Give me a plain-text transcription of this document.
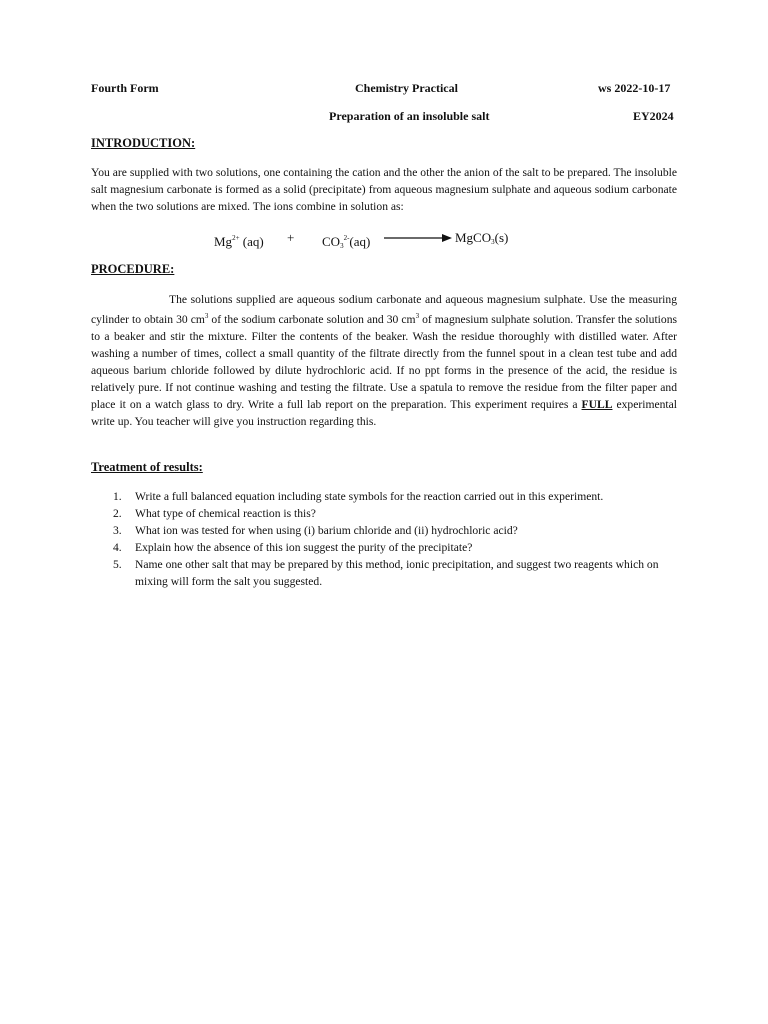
Fourth Form	Chemistry Practical	ws 2022-10-17
Preparation of an insoluble salt	EY2024
INTRODUCTION:
You are supplied with two solutions, one containing the cation and the other the anion of the salt to be prepared. The insoluble salt magnesium carbonate is formed as a solid (precipitate) from aqueous magnesium sulphate and aqueous sodium carbonate when the two solutions are mixed. The ions combine in solution as:
$Mg^{2+}$ $(aq) + CO_3^{2-}(aq)$	MgCO$_3$(s)
PROCEDURE:
The solutions supplied are aqueous sodium carbonate and aqueous magnesium sulphate. Use the measuring cylinder to obtain 30 $cm^3$ of the sodium carbonate solution and 30 $cm^3$ of magnesium sulphate solution. Transfer the solutions to a beaker and stir the mixture. Filter the contents of the beaker. Wash the residue thoroughly with distilled water. After washing a number of times, collect a small quantity of the filtrate directly from the funnel spout in a clean test tube and add aqueous barium chloride followed by dilute hydrochloric acid. If no ppt forms in the presence of the acid, the residue is relatively pure. If not continue washing and testing the filtrate. Use a spatula to remove the residue from the filter paper and place it on a watch glass to dry. Write a full lab report on the preparation. This experiment requires a FULL experimental write up. You teacher will give you instruction regarding this.
Treatment of results:
1. Write a full balanced equation including state symbols for the reaction carried out in this experiment.
2. What type of chemical reaction is this?
3. What ion was tested for when using (i) barium chloride and (ii) hydrochloric acid?
4. Explain how the absence of this ion suggest the purity of the precipitate?
5. Name one other salt that may be prepared by this method, ionic precipitation, and suggest two reagents which on mixing will form the salt you suggested.
